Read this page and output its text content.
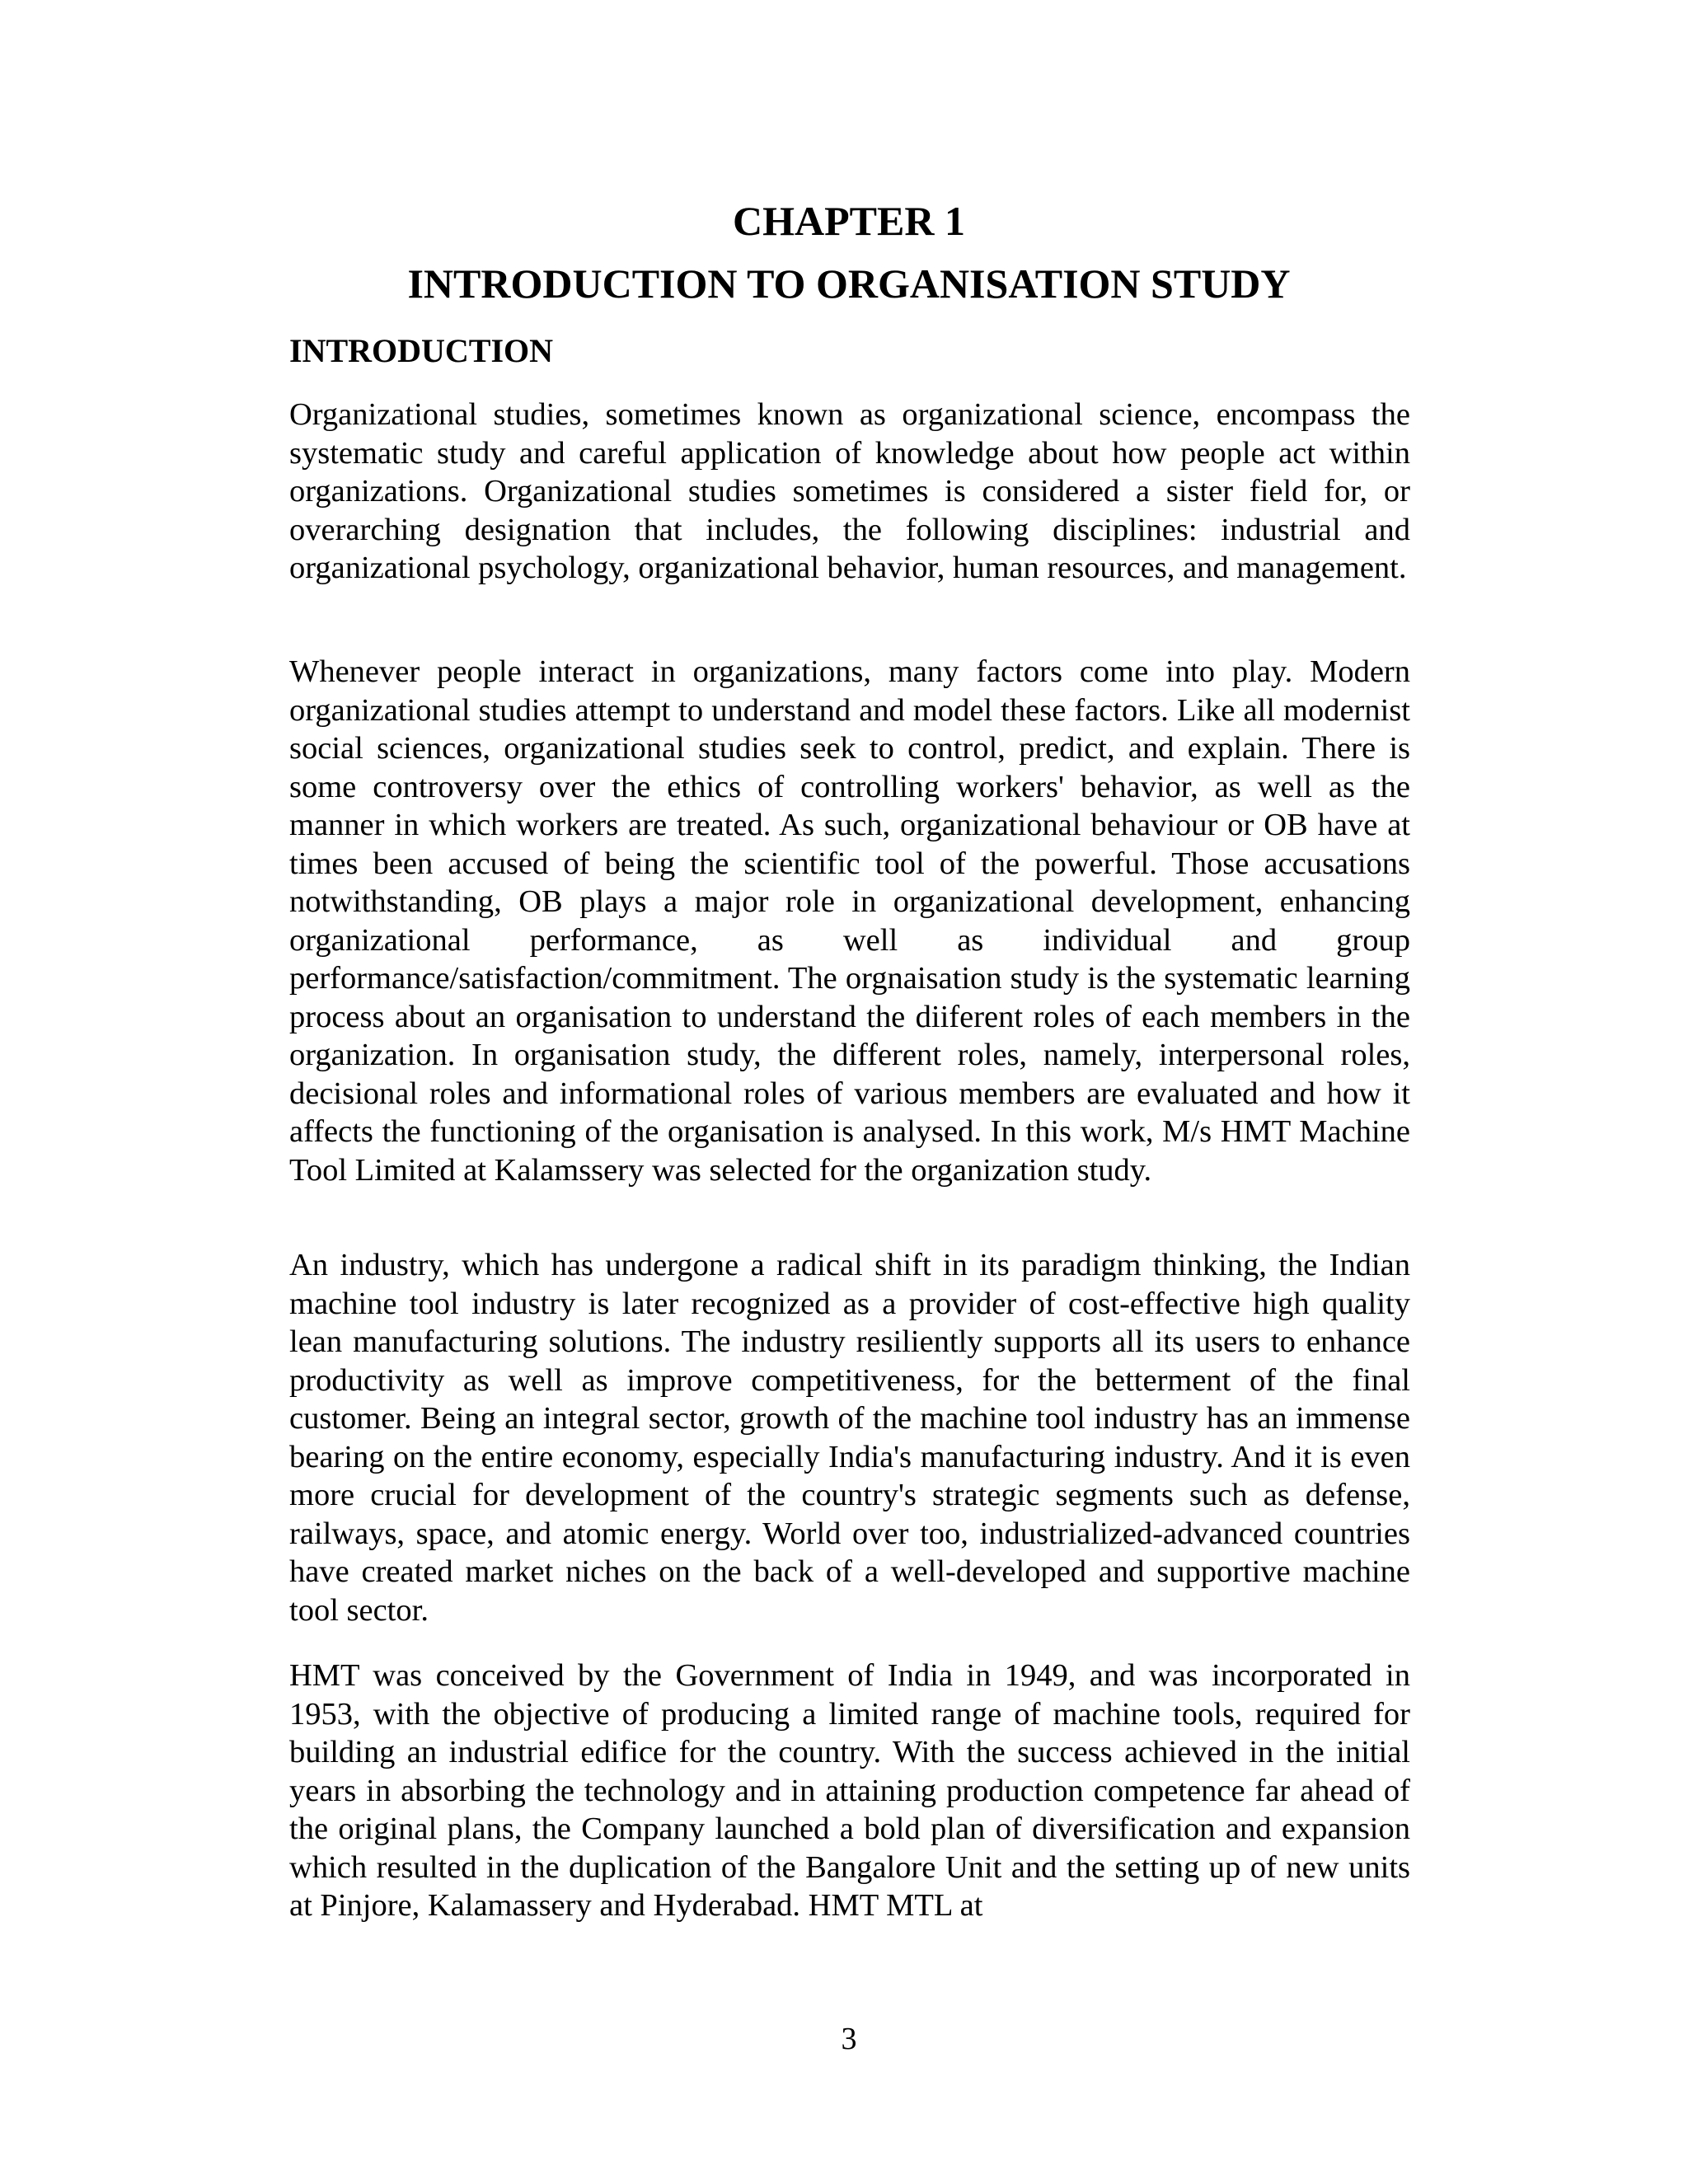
CHAPTER 1
INTRODUCTION TO ORGANISATION STUDY
INTRODUCTION

Organizational studies, sometimes known as organizational science, encompass the systematic study and careful application of knowledge about how people act within organizations. Organizational studies sometimes is considered a sister field for, or overarching designation that includes, the following disciplines: industrial and organizational psychology, organizational behavior, human resources, and management.

Whenever people interact in organizations, many factors come into play. Modern organizational studies attempt to understand and model these factors. Like all modernist social sciences, organizational studies seek to control, predict, and explain. There is some controversy over the ethics of controlling workers' behavior, as well as the manner in which workers are treated. As such, organizational behaviour or OB have at times been accused of being the scientific tool of the powerful. Those accusations notwithstanding, OB plays a major role in organizational development, enhancing organizational performance, as well as individual and group performance/satisfaction/commitment. The orgnaisation study is the systematic learning process about an organisation to understand the diiferent roles of each members in the organization. In organisation study, the different roles, namely, interpersonal roles, decisional roles and informational roles of various members are evaluated and how it affects the functioning of the organisation is analysed. In this work, M/s HMT Machine Tool Limited at Kalamssery was selected for the organization study.

An industry, which has undergone a radical shift in its paradigm thinking, the Indian machine tool industry is later recognized as a provider of cost-effective high quality lean manufacturing solutions. The industry resiliently supports all its users to enhance productivity as well as improve competitiveness, for the betterment of the final customer. Being an integral sector, growth of the machine tool industry has an immense bearing on the entire economy, especially India's manufacturing industry. And it is even more crucial for development of the country's strategic segments such as defense, railways, space, and atomic energy. World over too, industrialized-advanced countries have created market niches on the back of a well-developed and supportive machine tool sector.

HMT was conceived by the Government of India in 1949, and was incorporated in 1953, with the objective of producing a limited range of machine tools, required for building an industrial edifice for the country. With the success achieved in the initial years in absorbing the technology and in attaining production competence far ahead of the original plans, the Company launched a bold plan of diversification and expansion which resulted in the duplication of the Bangalore Unit and the setting up of new units at Pinjore, Kalamassery and Hyderabad. HMT MTL at

3
